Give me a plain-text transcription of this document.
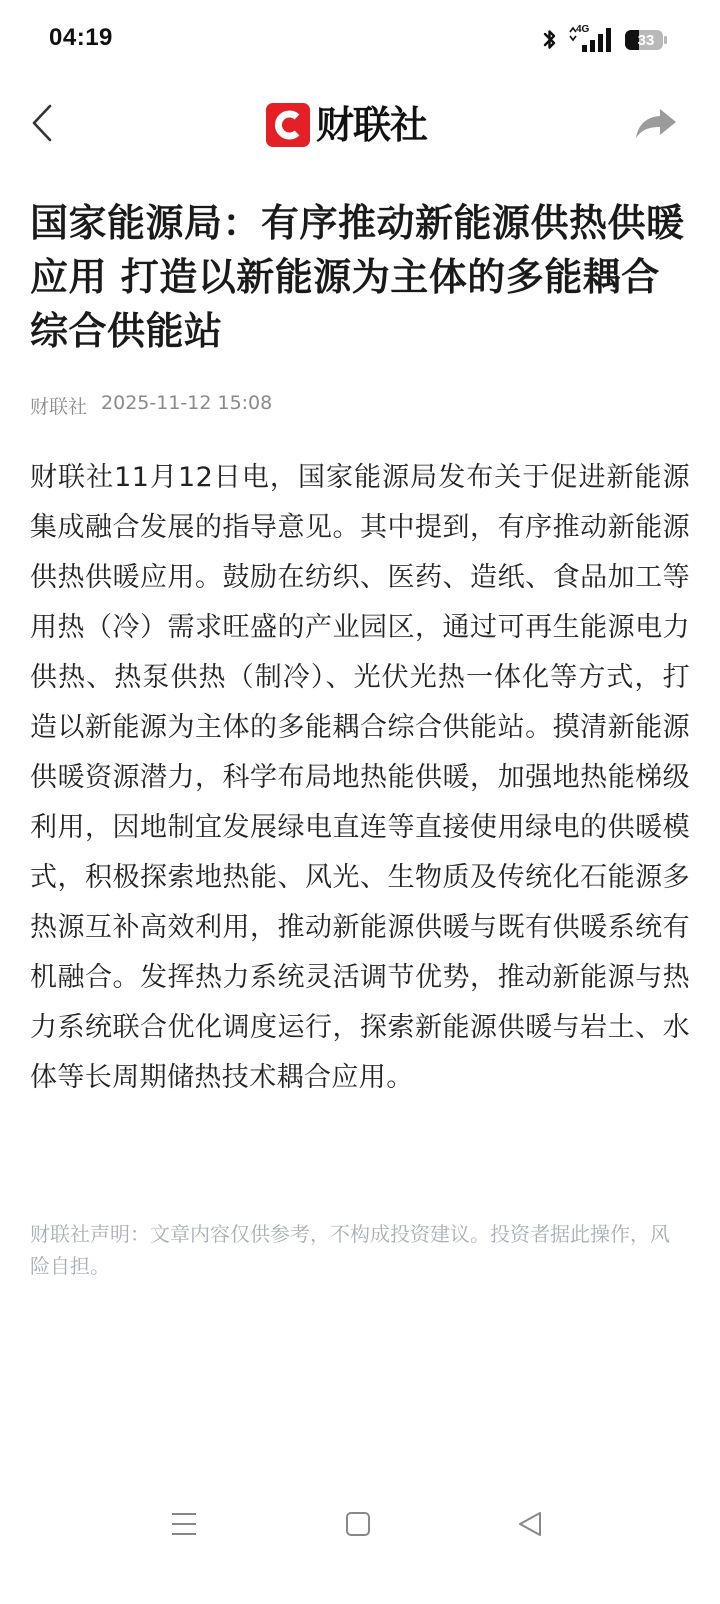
04:19	4G
33
财联社
国家能源局：有序推动新能源供热供暖应用 打造以新能源为主体的多能耦合综合供能站
财联社 2025-11-12 15:08

财联社11月12日电，国家能源局发布关于促进新能源集成融合发展的指导意见。其中提到，有序推动新能源供热供暖应用。鼓励在纺织、医药、造纸、食品加工等用热（冷）需求旺盛的产业园区，通过可再生能源电力供热、热泵供热（制冷）、光伏光热一体化等方式，打造以新能源为主体的多能耦合综合供能站。摸清新能源供暖资源潜力，科学布局地热能供暖，加强地热能梯级利用，因地制宜发展绿电直连等直接使用绿电的供暖模式，积极探索地热能、风光、生物质及传统化石能源多热源互补高效利用，推动新能源供暖与既有供暖系统有机融合。发挥热力系统灵活调节优势，推动新能源与热力系统联合优化调度运行，探索新能源供暖与岩土、水体等长周期储热技术耦合应用。

财联社声明：文章内容仅供参考，不构成投资建议。投资者据此操作，风险自担。
